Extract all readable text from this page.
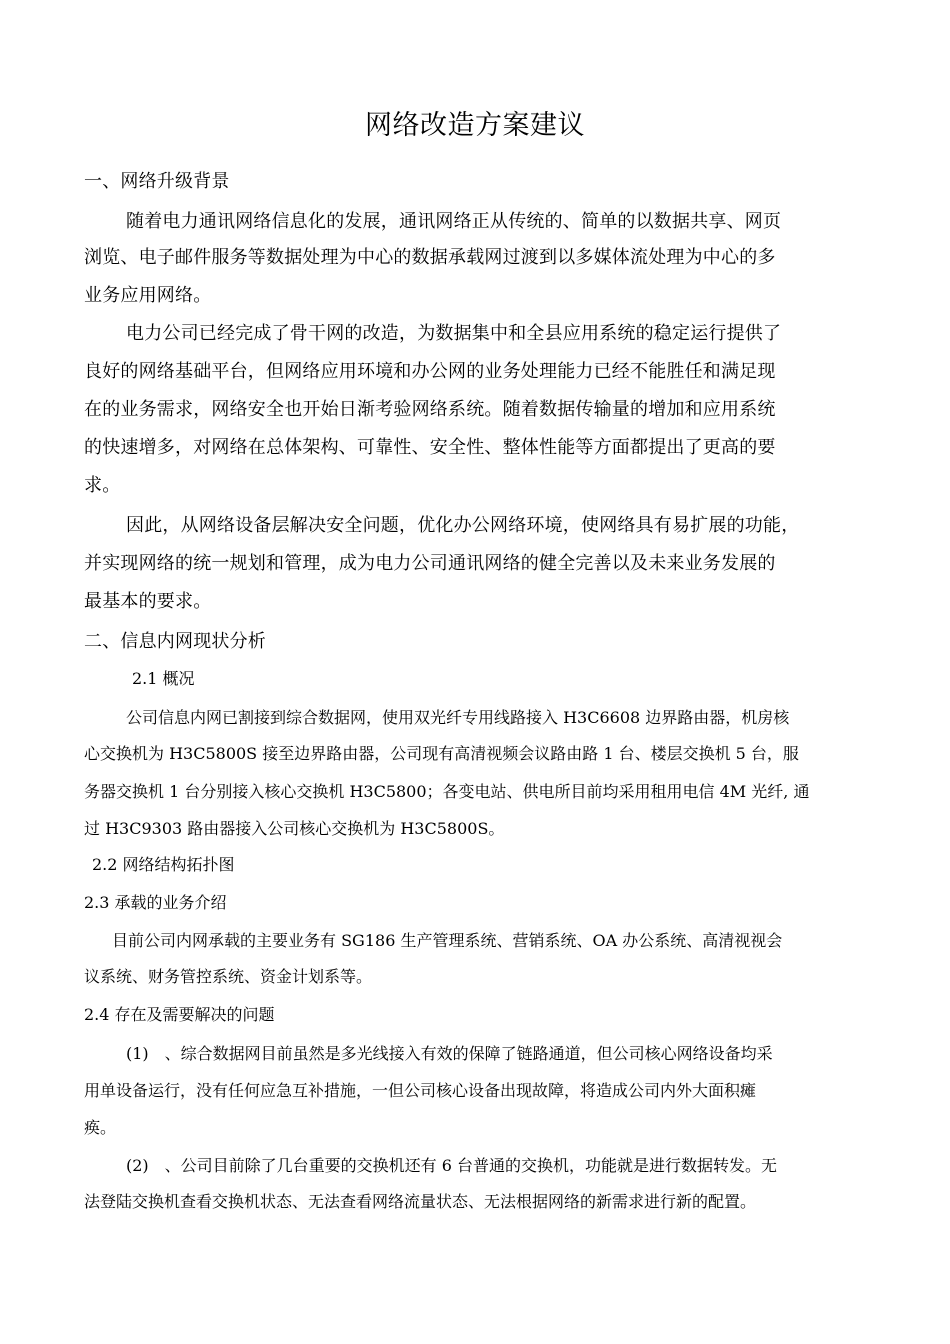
网络改造方案建议
一、网络升级背景
随着电力通讯网络信息化的发展，通讯网络正从传统的、简单的以数据共享、网页
浏览、电子邮件服务等数据处理为中心的数据承载网过渡到以多媒体流处理为中心的多
业务应用网络。
电力公司已经完成了骨干网的改造，为数据集中和全县应用系统的稳定运行提供了
良好的网络基础平台，但网络应用环境和办公网的业务处理能力已经不能胜任和满足现
在的业务需求，网络安全也开始日渐考验网络系统。随着数据传输量的增加和应用系统
的快速增多，对网络在总体架构、可靠性、安全性、整体性能等方面都提出了更高的要
求。
因此，从网络设备层解决安全问题，优化办公网络环境，使网络具有易扩展的功能，
并实现网络的统一规划和管理，成为电力公司通讯网络的健全完善以及未来业务发展的
最基本的要求。
二、信息内网现状分析
2.1 概况
公司信息内网已割接到综合数据网，使用双光纤专用线路接入 H3C6608 边界路由器，机房核
心交换机为 H3C5800S 接至边界路由器，公司现有高清视频会议路由路 1 台、楼层交换机 5 台，服
务器交换机 1 台分别接入核心交换机 H3C5800；各变电站、供电所目前均采用租用电信 4M 光纤, 通
过 H3C9303 路由器接入公司核心交换机为 H3C5800S。
2.2 网络结构拓扑图
2.3 承载的业务介绍
目前公司内网承载的主要业务有 SG186 生产管理系统、营销系统、OA 办公系统、高清视视会
议系统、财务管控系统、资金计划系等。
2.4 存在及需要解决的问题
(1)　、综合数据网目前虽然是多光线接入有效的保障了链路通道，但公司核心网络设备均采
用单设备运行，没有任何应急互补措施，一但公司核心设备出现故障，将造成公司内外大面积瘫
痪。
(2)　、公司目前除了几台重要的交换机还有 6 台普通的交换机，功能就是进行数据转发。无
法登陆交换机查看交换机状态、无法查看网络流量状态、无法根据网络的新需求进行新的配置。
